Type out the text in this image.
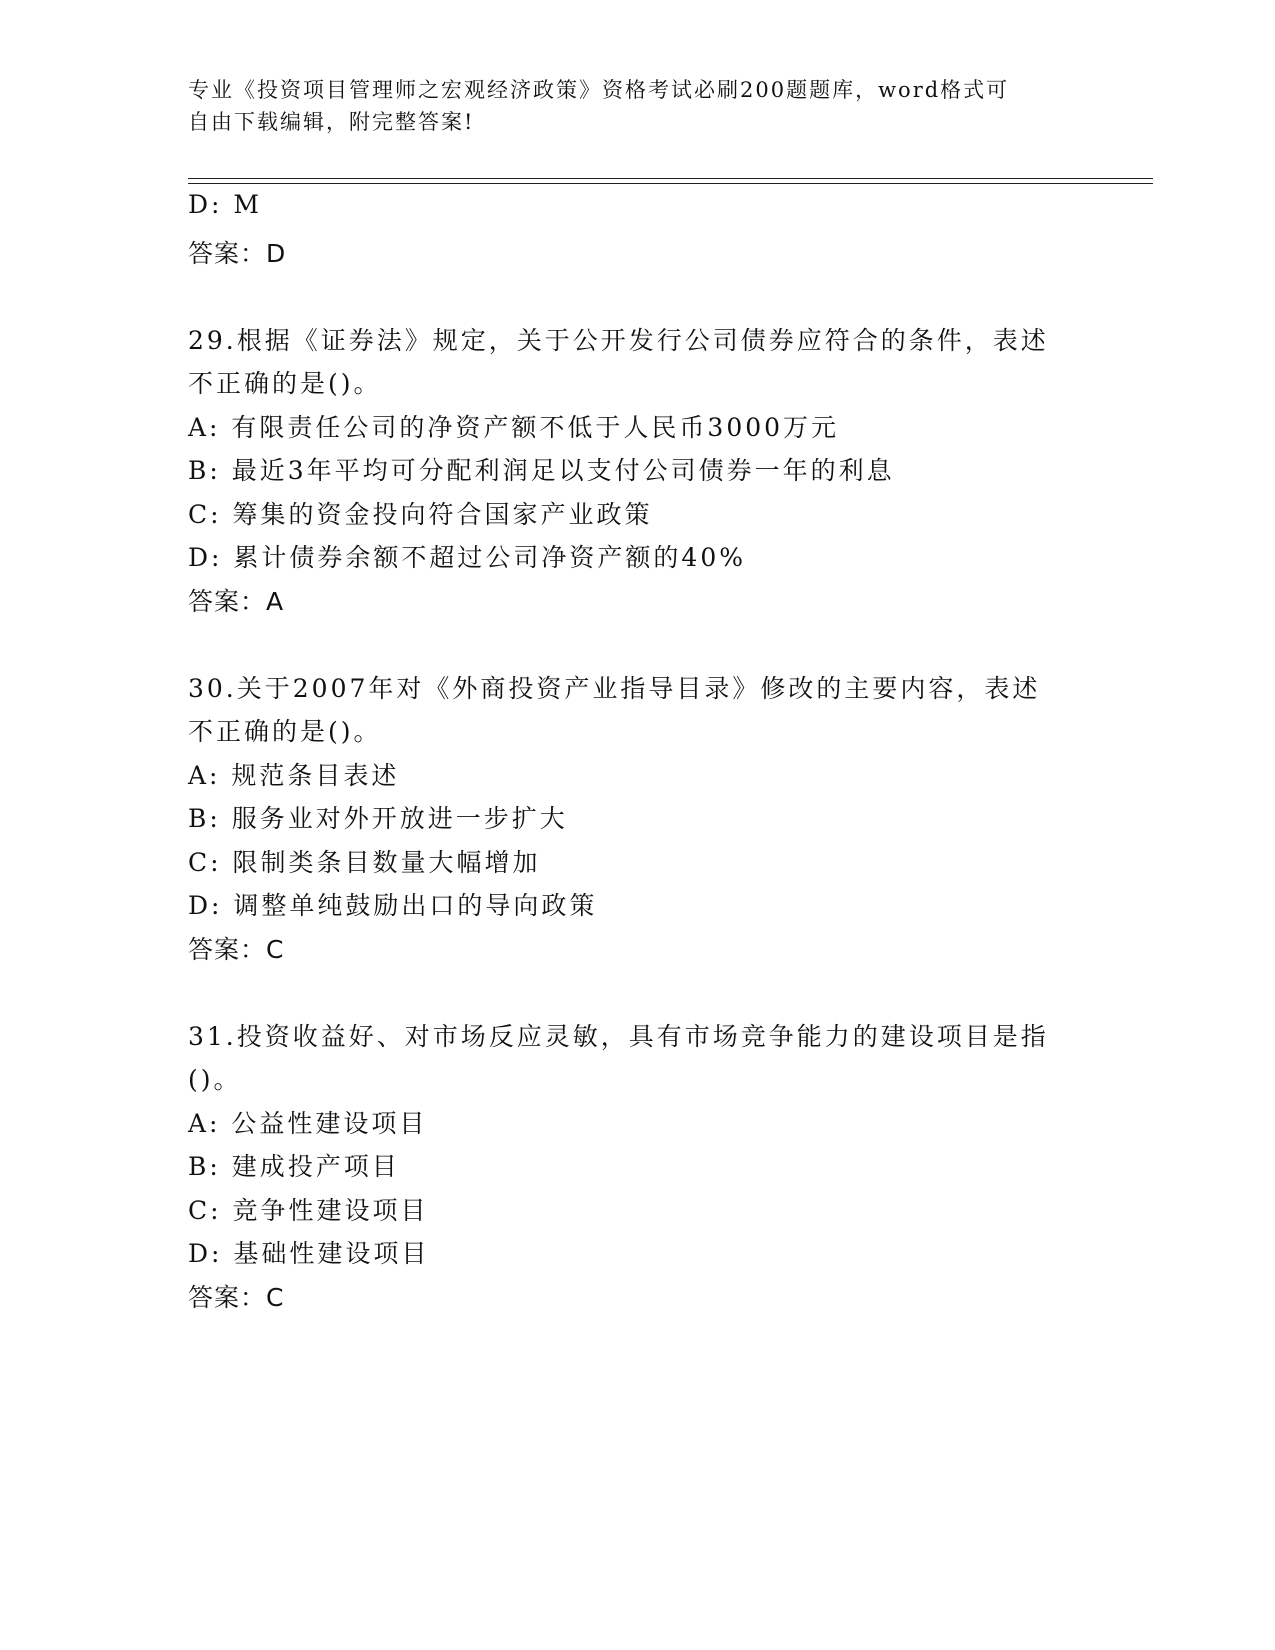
专业《投资项目管理师之宏观经济政策》资格考试必刷200题题库，word格式可
自由下载编辑，附完整答案!
D: M
答案：D
29.根据《证券法》规定，关于公开发行公司债券应符合的条件，表述
不正确的是()。
A: 有限责任公司的净资产额不低于人民币3000万元
B: 最近3年平均可分配利润足以支付公司债券一年的利息
C: 筹集的资金投向符合国家产业政策
D: 累计债券余额不超过公司净资产额的40%
答案：A
30.关于2007年对《外商投资产业指导目录》修改的主要内容，表述
不正确的是()。
A: 规范条目表述
B: 服务业对外开放进一步扩大
C: 限制类条目数量大幅增加
D: 调整单纯鼓励出口的导向政策
答案：C
31.投资收益好、对市场反应灵敏，具有市场竞争能力的建设项目是指
()。
A: 公益性建设项目
B: 建成投产项目
C: 竞争性建设项目
D: 基础性建设项目
答案：C
